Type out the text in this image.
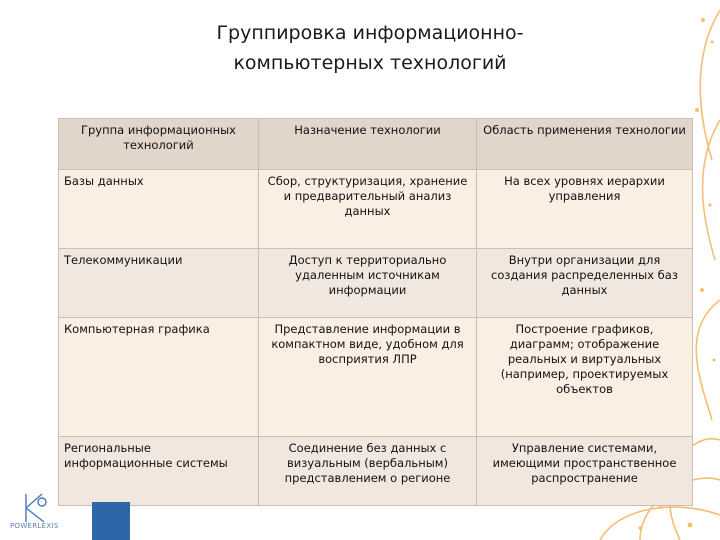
Группировка информационно-
компьютерных технологий
Группа информационных технологий	Назначение технологии	Область применения технологии
Базы данных	Сбор, структуризация, хранение и предварительный анализ данных	На всех уровнях иерархии управления
Телекоммуникации	Доступ к территориально удаленным источникам информации	Внутри организации для создания распределенных баз данных
Компьютерная графика	Представление информации в компактном виде, удобном для восприятия ЛПР	Построение графиков, диаграмм; отображение реальных и виртуальных (например, проектируемых объектов
Региональные информационные системы	Соединение без данных с визуальным (вербальным) представлением о регионе	Управление системами, имеющими пространственное распространение
POWERLEXIS
